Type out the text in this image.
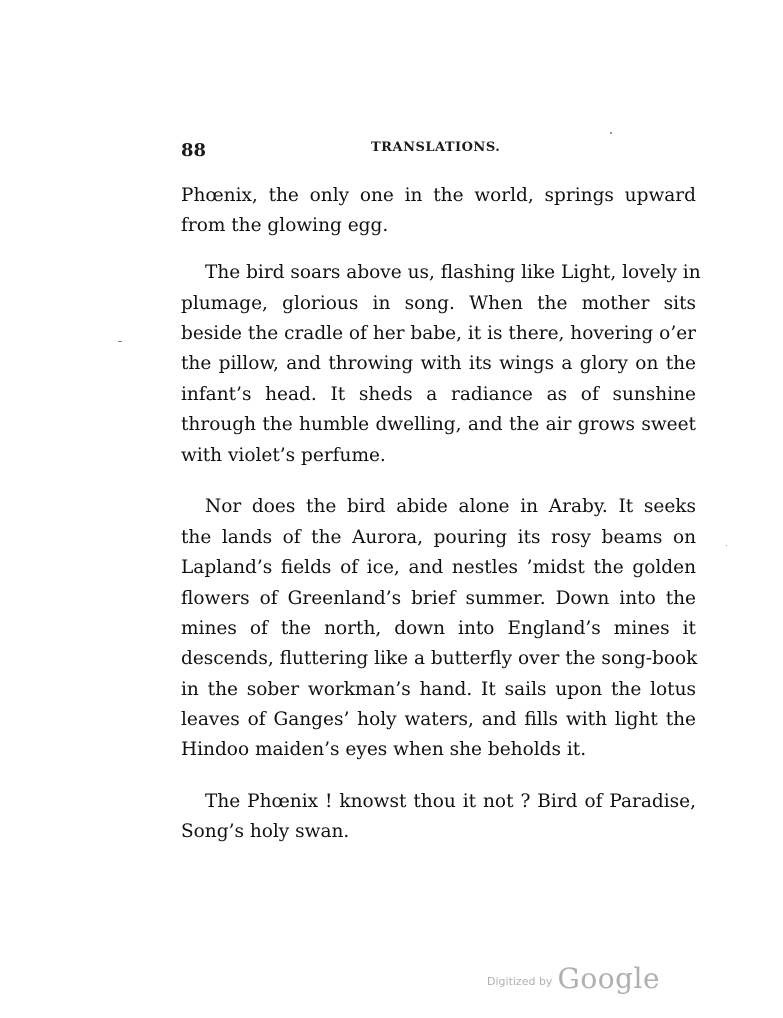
88	TRANSLATIONS.
Phœnix, the only one in the world, springs upward
from the glowing egg.
The bird soars above us, flashing like Light, lovely in
plumage, glorious in song. When the mother sits
beside the cradle of her babe, it is there, hovering o’er
the pillow, and throwing with its wings a glory on the
infant’s head. It sheds a radiance as of sunshine
through the humble dwelling, and the air grows sweet
with violet’s perfume.
Nor does the bird abide alone in Araby. It seeks
the lands of the Aurora, pouring its rosy beams on
Lapland’s fields of ice, and nestles ’midst the golden
flowers of Greenland’s brief summer. Down into the
mines of the north, down into England’s mines it
descends, fluttering like a butterfly over the song-book
in the sober workman’s hand. It sails upon the lotus
leaves of Ganges’ holy waters, and fills with light the
Hindoo maiden’s eyes when she beholds it.
The Phœnix ! knowst thou it not ? Bird of Paradise,
Song’s holy swan.
Digitized by Google
